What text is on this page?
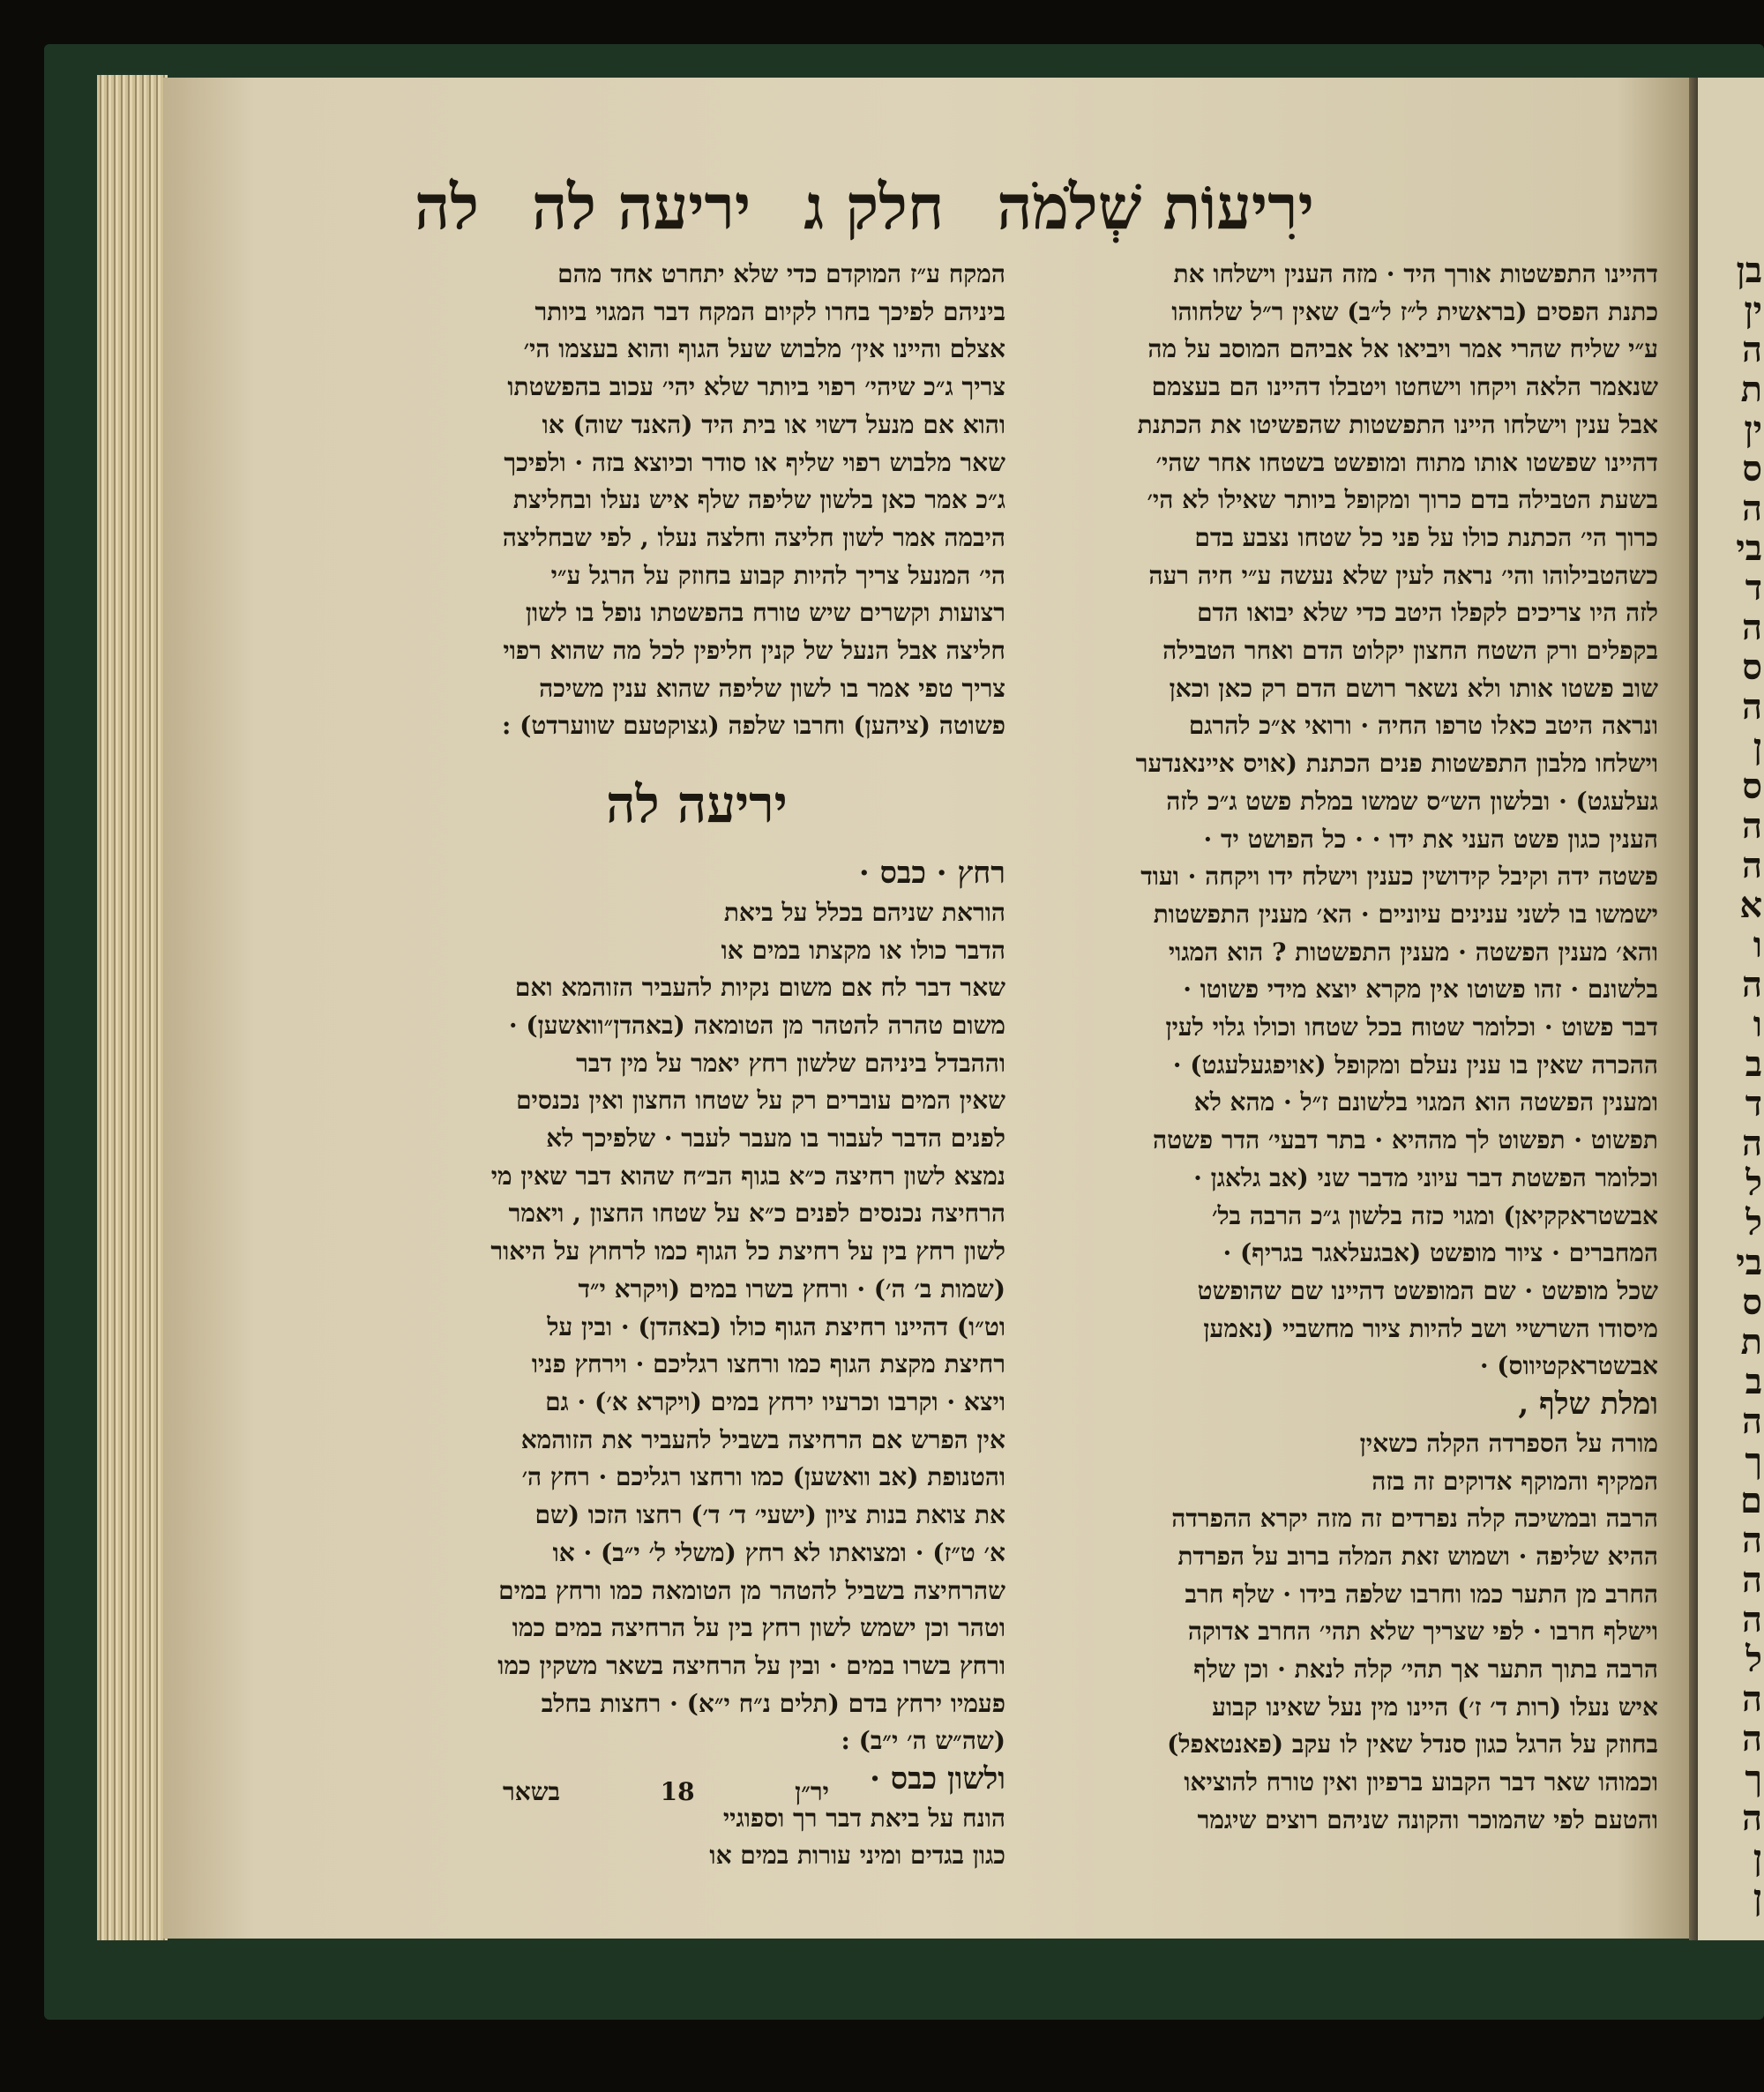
בן
ין
ה
ת
ין
ס
ה
בי
ד
ה
ס
ה
ן
ס
ה
ה
א
ו
ה
ו
ב
ד
ה
ל
ל
בי
ס
ת
ב
ה
ך
ם
ה
ה
ה
ל
ה
ה
ך
ה
ן
ן
ירִיעוֹת שְׁלֹמֹה
חלק ג
יריעה לה
לה

דהיינו התפשטות אורך היד · מזה הענין וישלחו את

כתנת הפסים (בראשית ל״ז ל״ב) שאין ר״ל שלחוהו

ע״י שליח שהרי אמר ויביאו אל אביהם המוסב על מה

שנאמר הלאה ויקחו וישחטו ויטבלו דהיינו הם בעצמם

אבל ענין וישלחו היינו התפשטות שהפשיטו את הכתנת

דהיינו שפשטו אותו מתוח ומופשט בשטחו אחר שהי׳

בשעת הטבילה בדם כרוך ומקופל ביותר שאילו לא הי׳

כרוך הי׳ הכתנת כולו על פני כל שטחו נצבע בדם

כשהטבילוהו והי׳ נראה לעין שלא נעשה ע״י חיה רעה

לזה היו צריכים לקפלו היטב כדי שלא יבואו הדם

בקפלים ורק השטח החצון יקלוט הדם ואחר הטבילה

שוב פשטו אותו ולא נשאר רושם הדם רק כאן וכאן

ונראה היטב כאלו טרפו החיה · ורואי א״כ להרגם

וישלחו מלבון התפשטות פנים הכתנת (אויס איינאנדער

געלעגט) · ובלשון הש״ס שמשו במלת פשט ג״כ לזה

הענין כגון פשט העני את ידו · · כל הפושט יד ·

פשטה ידה וקיבל קידושין כענין וישלח ידו ויקחה · ועוד

ישמשו בו לשני ענינים עיוניים · הא׳ מענין התפשטות

והא׳ מענין הפשטה · מענין התפשטות ? הוא המגוי

בלשונם · זהו פשוטו אין מקרא יוצא מידי פשוטו ·

דבר פשוט · וכלומר שטוח בכל שטחו וכולו גלוי לעין

ההכרה שאין בו ענין נעלם ומקופל (אויפגעלעגט) ·

ומענין הפשטה הוא המגוי בלשונם ז״ל · מהא לא

תפשוט · תפשוט לך מההיא · בתר דבעי׳ הדר פשטה

וכלומר הפשטת דבר עיוני מדבר שני (אב גלאגן ·

אבשטראקקיאן) ומגוי כזה בלשון ג״כ הרבה בל׳

המחברים · ציור מופשט (אבגעלאגר בגריף) ·

שכל מופשט · שם המופשט דהיינו שם שהופשט

מיסודו השרשיי ושב להיות ציור מחשביי (נאמען

אבשטראקטיווס) ·

ומלת שלף ,

מורה על הספרדה הקלה כשאין

המקיף והמוקף אדוקים זה בזה

הרבה ובמשיכה קלה נפרדים זה מזה יקרא ההפרדה

ההיא שליפה · ושמוש זאת המלה ברוב על הפרדת

החרב מן התער כמו וחרבו שלפה בידו · שלף חרב

וישלף חרבו · לפי שצריך שלא תהי׳ החרב אדוקה

הרבה בתוך התער אך תהי׳ קלה לנאת · וכן שלף

איש נעלו (רות ד׳ ז׳) היינו מין נעל שאינו קבוע

בחוזק על הרגל כגון סנדל שאין לו עקב (פאנטאפל)

וכמוהו שאר דבר הקבוע ברפיון ואין טורח להוציאו

והטעם לפי שהמוכר והקונה שניהם רוצים שיגמר

המקח ע״ז המוקדם כדי שלא יתחרט אחד מהם

ביניהם לפיכך בחרו לקיום המקח דבר המגוי ביותר

אצלם והיינו אין׳ מלבוש שעל הגוף והוא בעצמו הי׳

צריך ג״כ שיהי׳ רפוי ביותר שלא יהי׳ עכוב בהפשטתו

והוא אם מנעל דשוי או בית היד (האנד שוה) או

שאר מלבוש רפוי שליף או סודר וכיוצא בזה · ולפיכך

ג״כ אמר כאן בלשון שליפה שלף איש נעלו ובחליצת

היבמה אמר לשון חליצה וחלצה נעלו , לפי שבחליצה

הי׳ המנעל צריך להיות קבוע בחוזק על הרגל ע״י

רצועות וקשרים שיש טורח בהפשטתו נופל בו לשון

חליצה אבל הנעל של קנין חליפין לכל מה שהוא רפוי

צריך טפי אמר בו לשון שליפה שהוא ענין משיכה

פשוטה (ציהען) וחרבו שלפה (גצוקטעם שווערדט) :

יריעה לה

רחץ · כבס ·

הוראת שניהם בכלל על ביאת

הדבר כולו או מקצתו במים או

שאר דבר לח אם משום נקיות להעביר הזוהמא ואם

משום טהרה להטהר מן הטומאה (באהדן״וואשען) ·

וההבדל ביניהם שלשון רחץ יאמר על מין דבר

שאין המים עוברים רק על שטחו החצון ואין נכנסים

לפנים הדבר לעבור בו מעבר לעבר · שלפיכך לא

נמצא לשון רחיצה כ״א בגוף הב״ח שהוא דבר שאין מי

הרחיצה נכנסים לפנים כ״א על שטחו החצון , ויאמר

לשון רחץ בין על רחיצת כל הגוף כמו לרחוץ על היאור

(שמות ב׳ ה׳) · ורחץ בשרו במים (ויקרא י״ד

וט״ו) דהיינו רחיצת הגוף כולו (באהדן) · ובין על

רחיצת מקצת הגוף כמו ורחצו רגליכם · וירחץ פניו

ויצא · וקרבו וכרעיו ירחץ במים (ויקרא א׳) · גם

אין הפרש אם הרחיצה בשביל להעביר את הזוהמא

והטנופת (אב וואשען) כמו ורחצו רגליכם · רחץ ה׳

את צואת בנות ציון (ישעי׳ ד׳ ד׳) רחצו הזכו (שם

א׳ ט״ז) · ומצואתו לא רחץ (משלי ל׳ י״ב) · או

שהרחיצה בשביל להטהר מן הטומאה כמו ורחץ במים

וטהר וכן ישמש לשון רחץ בין על הרחיצה במים כמו

ורחץ בשרו במים · ובין על הרחיצה בשאר משקין כמו

פעמיו ירחץ בדם (תלים נ״ח י״א) · רחצות בחלב

(שה״ש ה׳ י״ב) :

ולשון כבס ·

הונח על ביאת דבר רך וספוגיי

כגון בגדים ומיני עורות במים או

יר״ן
18
בשאר
